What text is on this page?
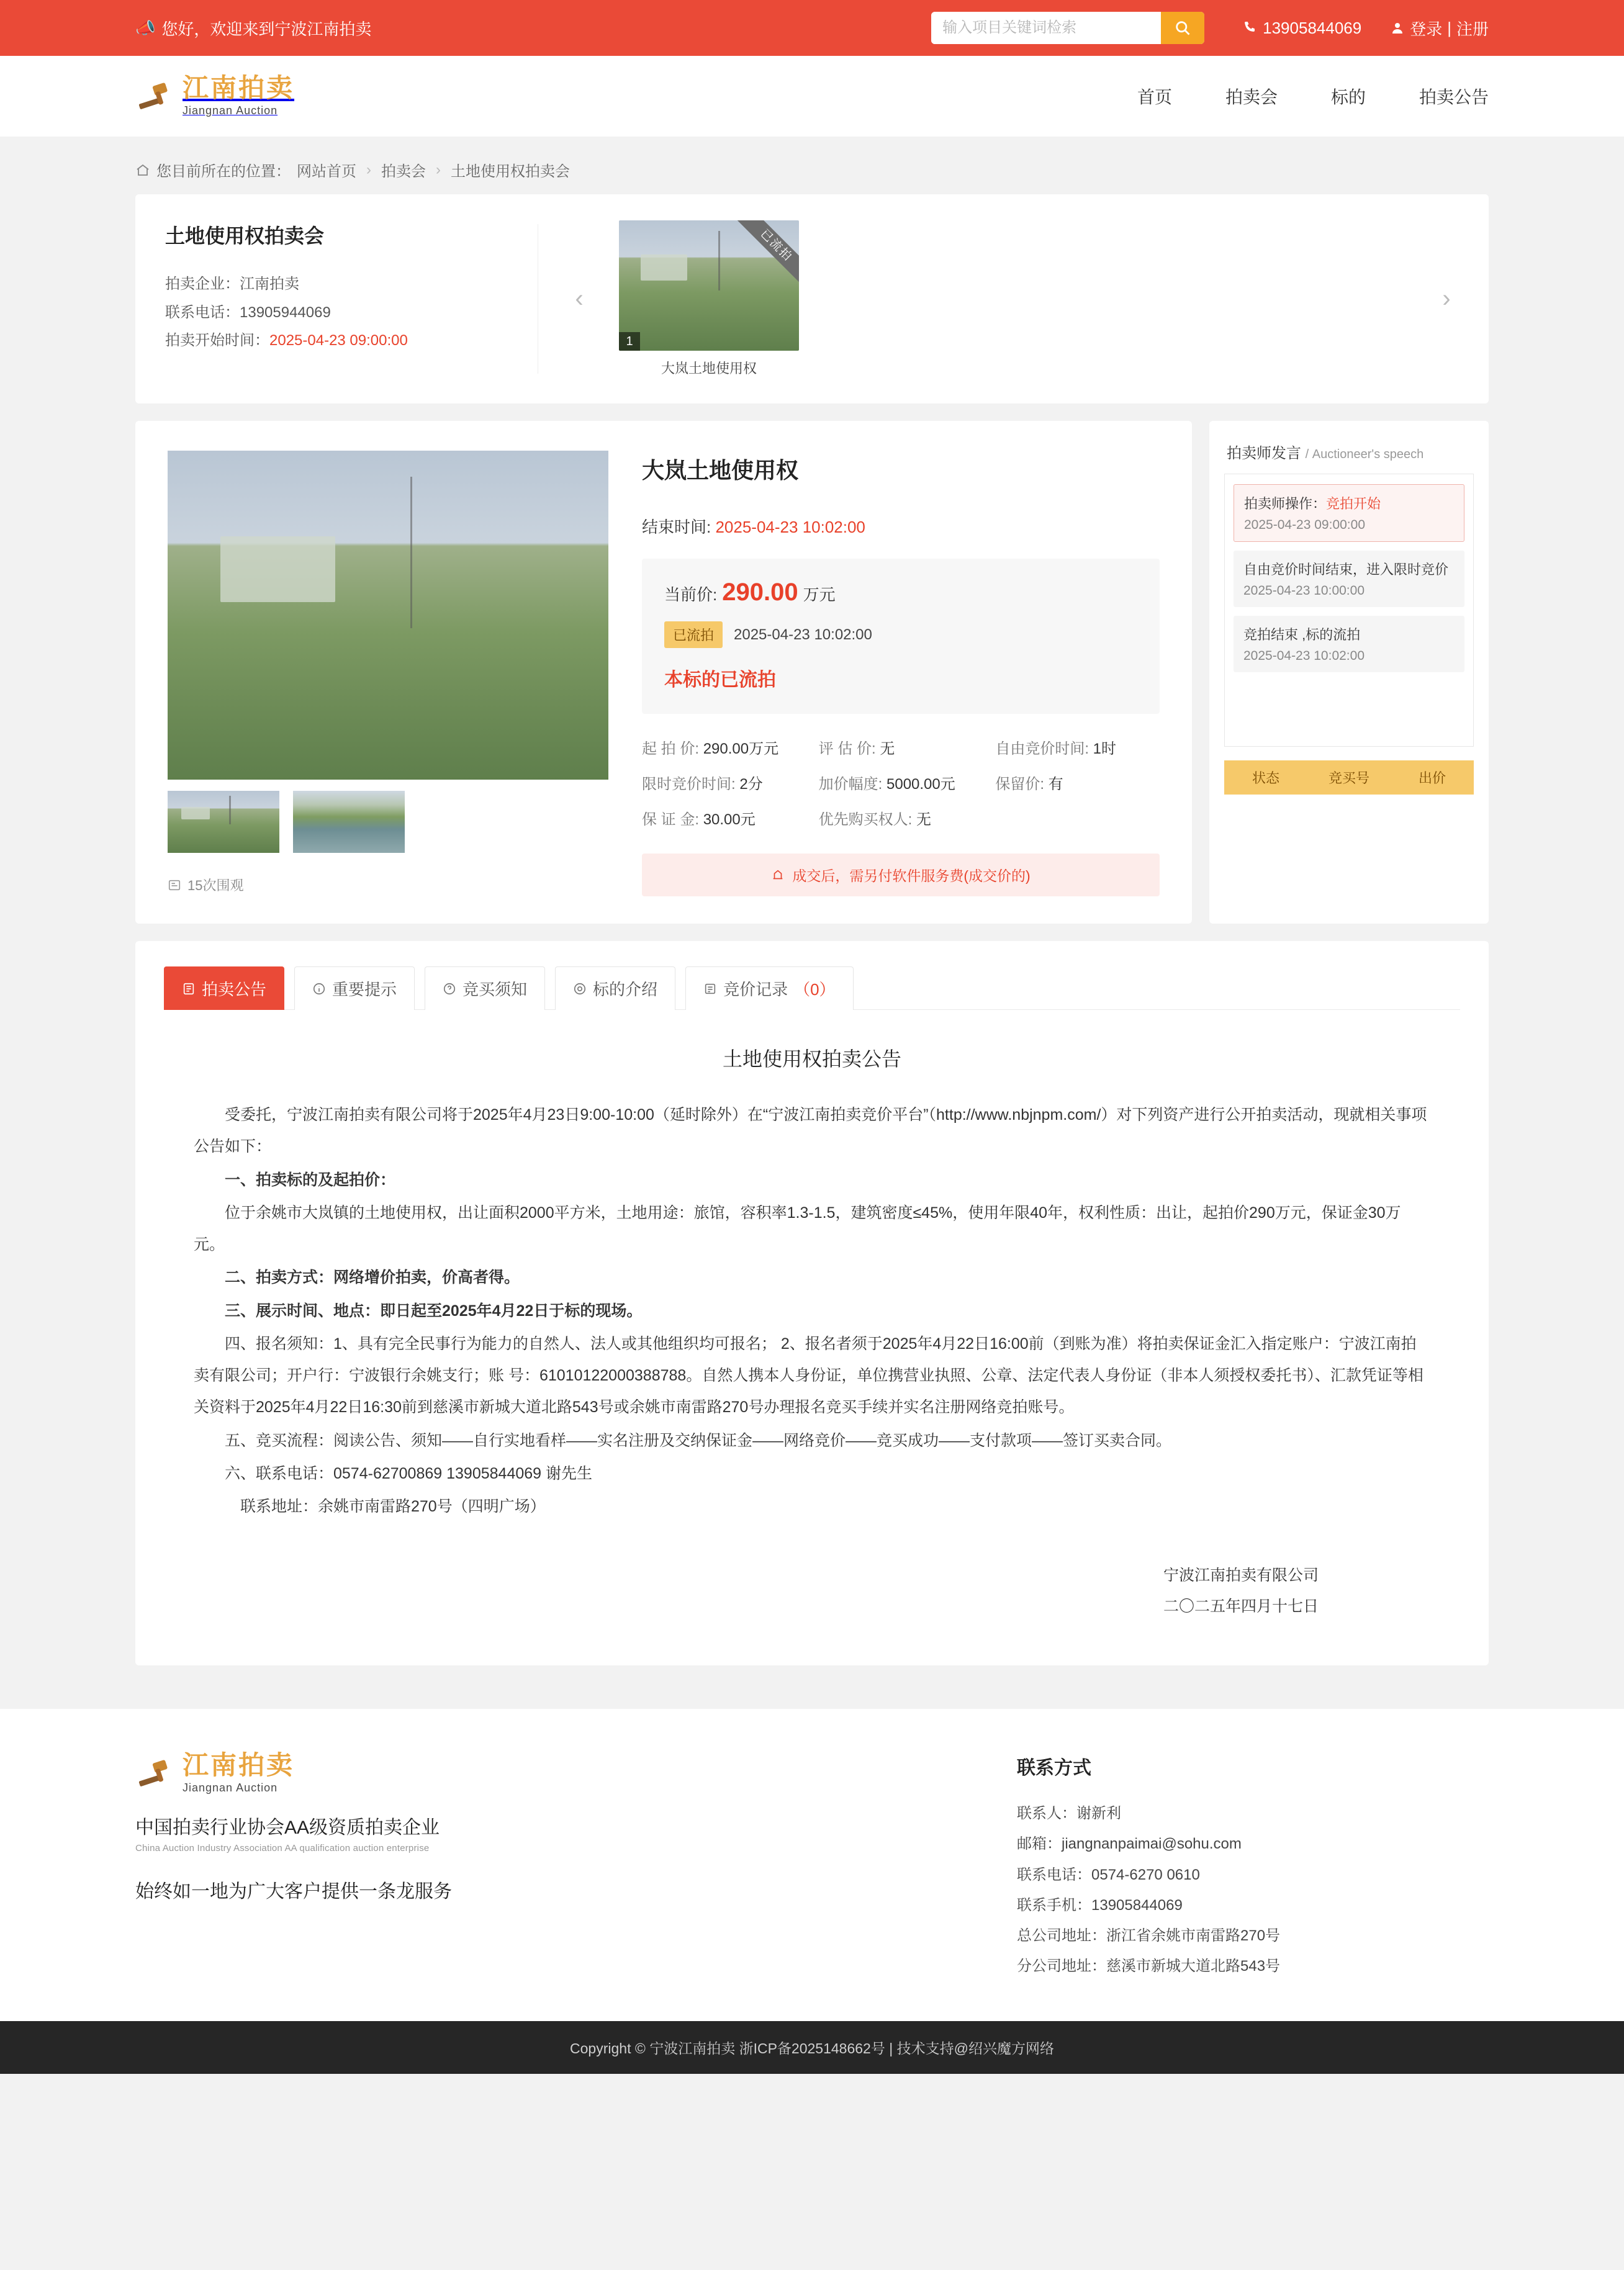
📣 您好，欢迎来到宁波江南拍卖
输入项目关键词检索	13905844069	登录 | 注册
江南拍卖
Jiangnan Auction
首页	拍卖会	标的	拍卖公告
您目前所在的位置： 网站首页 › 拍卖会 › 土地使用权拍卖会
土地使用权拍卖会
拍卖企业：江南拍卖
联系电话：13905944069
拍卖开始时间：2025-04-23 09:00:00
‹
已流拍
1
大岚土地使用权
›
15次围观
大岚土地使用权
结束时间: 2025-04-23 10:02:00
当前价: 290.00 万元
已流拍	2025-04-23 10:02:00
本标的已流拍
起 拍 价: 290.00万元	评 估 价: 无	自由竞价时间: 1时
限时竞价时间: 2分	加价幅度: 5000.00元	保留价: 有
保 证 金: 30.00元	优先购买权人: 无
成交后，需另付软件服务费(成交价的)
拍卖师发言 / Auctioneer's speech
拍卖师操作：竞拍开始
2025-04-23 09:00:00
自由竞价时间结束，进入限时竞价
2025-04-23 10:00:00
竞拍结束 ,标的流拍
2025-04-23 10:02:00
状态	竞买号	出价
拍卖公告	重要提示	竞买须知	标的介绍	竞价记录 （0）
土地使用权拍卖公告

受委托，宁波江南拍卖有限公司将于2025年4月23日9:00-10:00（延时除外）在“宁波江南拍卖竞价平台”（http://www.nbjnpm.com/）对下列资产进行公开拍卖活动，现就相关事项公告如下：

一、拍卖标的及起拍价：

位于余姚市大岚镇的土地使用权，出让面积2000平方米，土地用途：旅馆，容积率1.3-1.5，建筑密度≤45%，使用年限40年，权利性质：出让，起拍价290万元，保证金30万元。

二、拍卖方式：网络增价拍卖，价高者得。

三、展示时间、地点：即日起至2025年4月22日于标的现场。

四、报名须知：1、具有完全民事行为能力的自然人、法人或其他组织均可报名； 2、报名者须于2025年4月22日16:00前（到账为准）将拍卖保证金汇入指定账户：宁波江南拍卖有限公司；开户行：宁波银行余姚支行；账 号：61010122000388788。自然人携本人身份证，单位携营业执照、公章、法定代表人身份证（非本人须授权委托书）、汇款凭证等相关资料于2025年4月22日16:30前到慈溪市新城大道北路543号或余姚市南雷路270号办理报名竞买手续并实名注册网络竞拍账号。

五、竞买流程：阅读公告、须知——自行实地看样——实名注册及交纳保证金——网络竞价——竞买成功——支付款项——签订买卖合同。

六、联系电话：0574-62700869 13905844069 谢先生

联系地址：余姚市南雷路270号（四明广场）

宁波江南拍卖有限公司
二〇二五年四月十七日
江南拍卖
Jiangnan Auction
中国拍卖行业协会AA级资质拍卖企业
China Auction Industry Association AA qualification auction enterprise
始终如一地为广大客户提供一条龙服务
联系方式
联系人：谢新利
邮箱：jiangnanpaimai@sohu.com
联系电话：0574-6270 0610
联系手机：13905844069
总公司地址：浙江省余姚市南雷路270号
分公司地址：慈溪市新城大道北路543号
Copyright © 宁波江南拍卖 浙ICP备2025148662号 | 技术支持@绍兴魔方网络
